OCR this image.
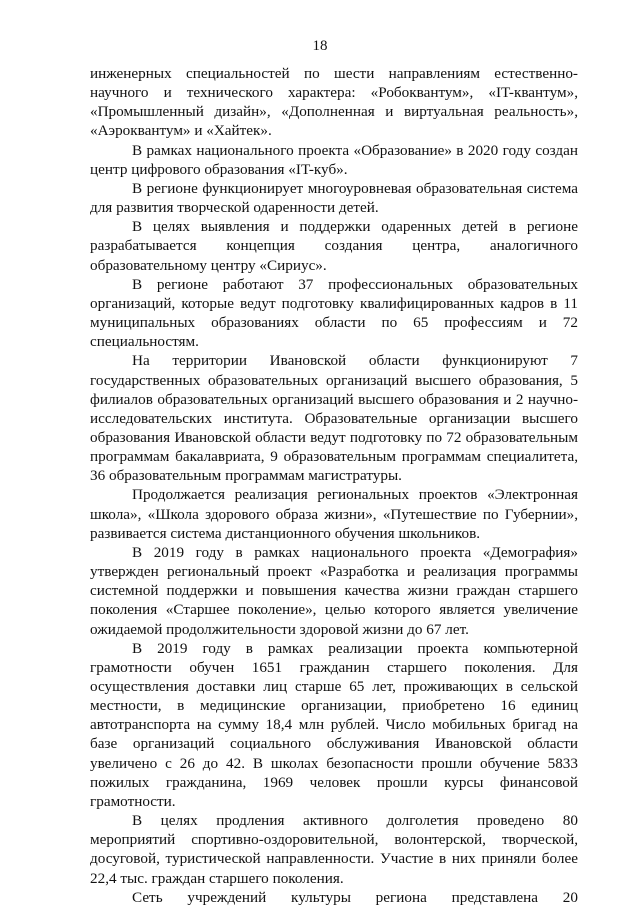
18

инженерных специальностей по шести направлениям естественно-научного и технического характера: «Робоквантум», «IT-квантум», «Промышленный дизайн», «Дополненная и виртуальная реальность», «Аэроквантум» и «Хайтек».

В рамках национального проекта «Образование» в 2020 году создан центр цифрового образования «IT-куб».

В регионе функционирует многоуровневая образовательная система для развития творческой одаренности детей.

В целях выявления и поддержки одаренных детей в регионе разрабатывается концепция создания центра, аналогичного образовательному центру «Сириус».

В регионе работают 37 профессиональных образовательных организаций, которые ведут подготовку квалифицированных кадров в 11 муниципальных образованиях области по 65 профессиям и 72 специальностям.

На территории Ивановской области функционируют 7 государственных образовательных организаций высшего образования, 5 филиалов образовательных организаций высшего образования и 2 научно-исследовательских института. Образовательные организации высшего образования Ивановской области ведут подготовку по 72 образовательным программам бакалавриата, 9 образовательным программам специалитета, 36 образовательным программам магистратуры.

Продолжается реализация региональных проектов «Электронная школа», «Школа здорового образа жизни», «Путешествие по Губернии», развивается система дистанционного обучения школьников.

В 2019 году в рамках национального проекта «Демография» утвержден региональный проект «Разработка и реализация программы системной поддержки и повышения качества жизни граждан старшего поколения «Старшее поколение», целью которого является увеличение ожидаемой продолжительности здоровой жизни до 67 лет.

В 2019 году в рамках реализации проекта компьютерной грамотности обучен 1651 гражданин старшего поколения. Для осуществления доставки лиц старше 65 лет, проживающих в сельской местности, в медицинские организации, приобретено 16 единиц автотранспорта на сумму 18,4 млн рублей. Число мобильных бригад на базе организаций социального обслуживания Ивановской области увеличено с 26 до 42. В школах безопасности прошли обучение 5833 пожилых гражданина, 1969 человек прошли курсы финансовой грамотности.

В целях продления активного долголетия проведено 80 мероприятий спортивно-оздоровительной, волонтерской, творческой, досуговой, туристической направленности. Участие в них приняли более 22,4 тыс. граждан старшего поколения.

Сеть учреждений культуры региона представлена 20
